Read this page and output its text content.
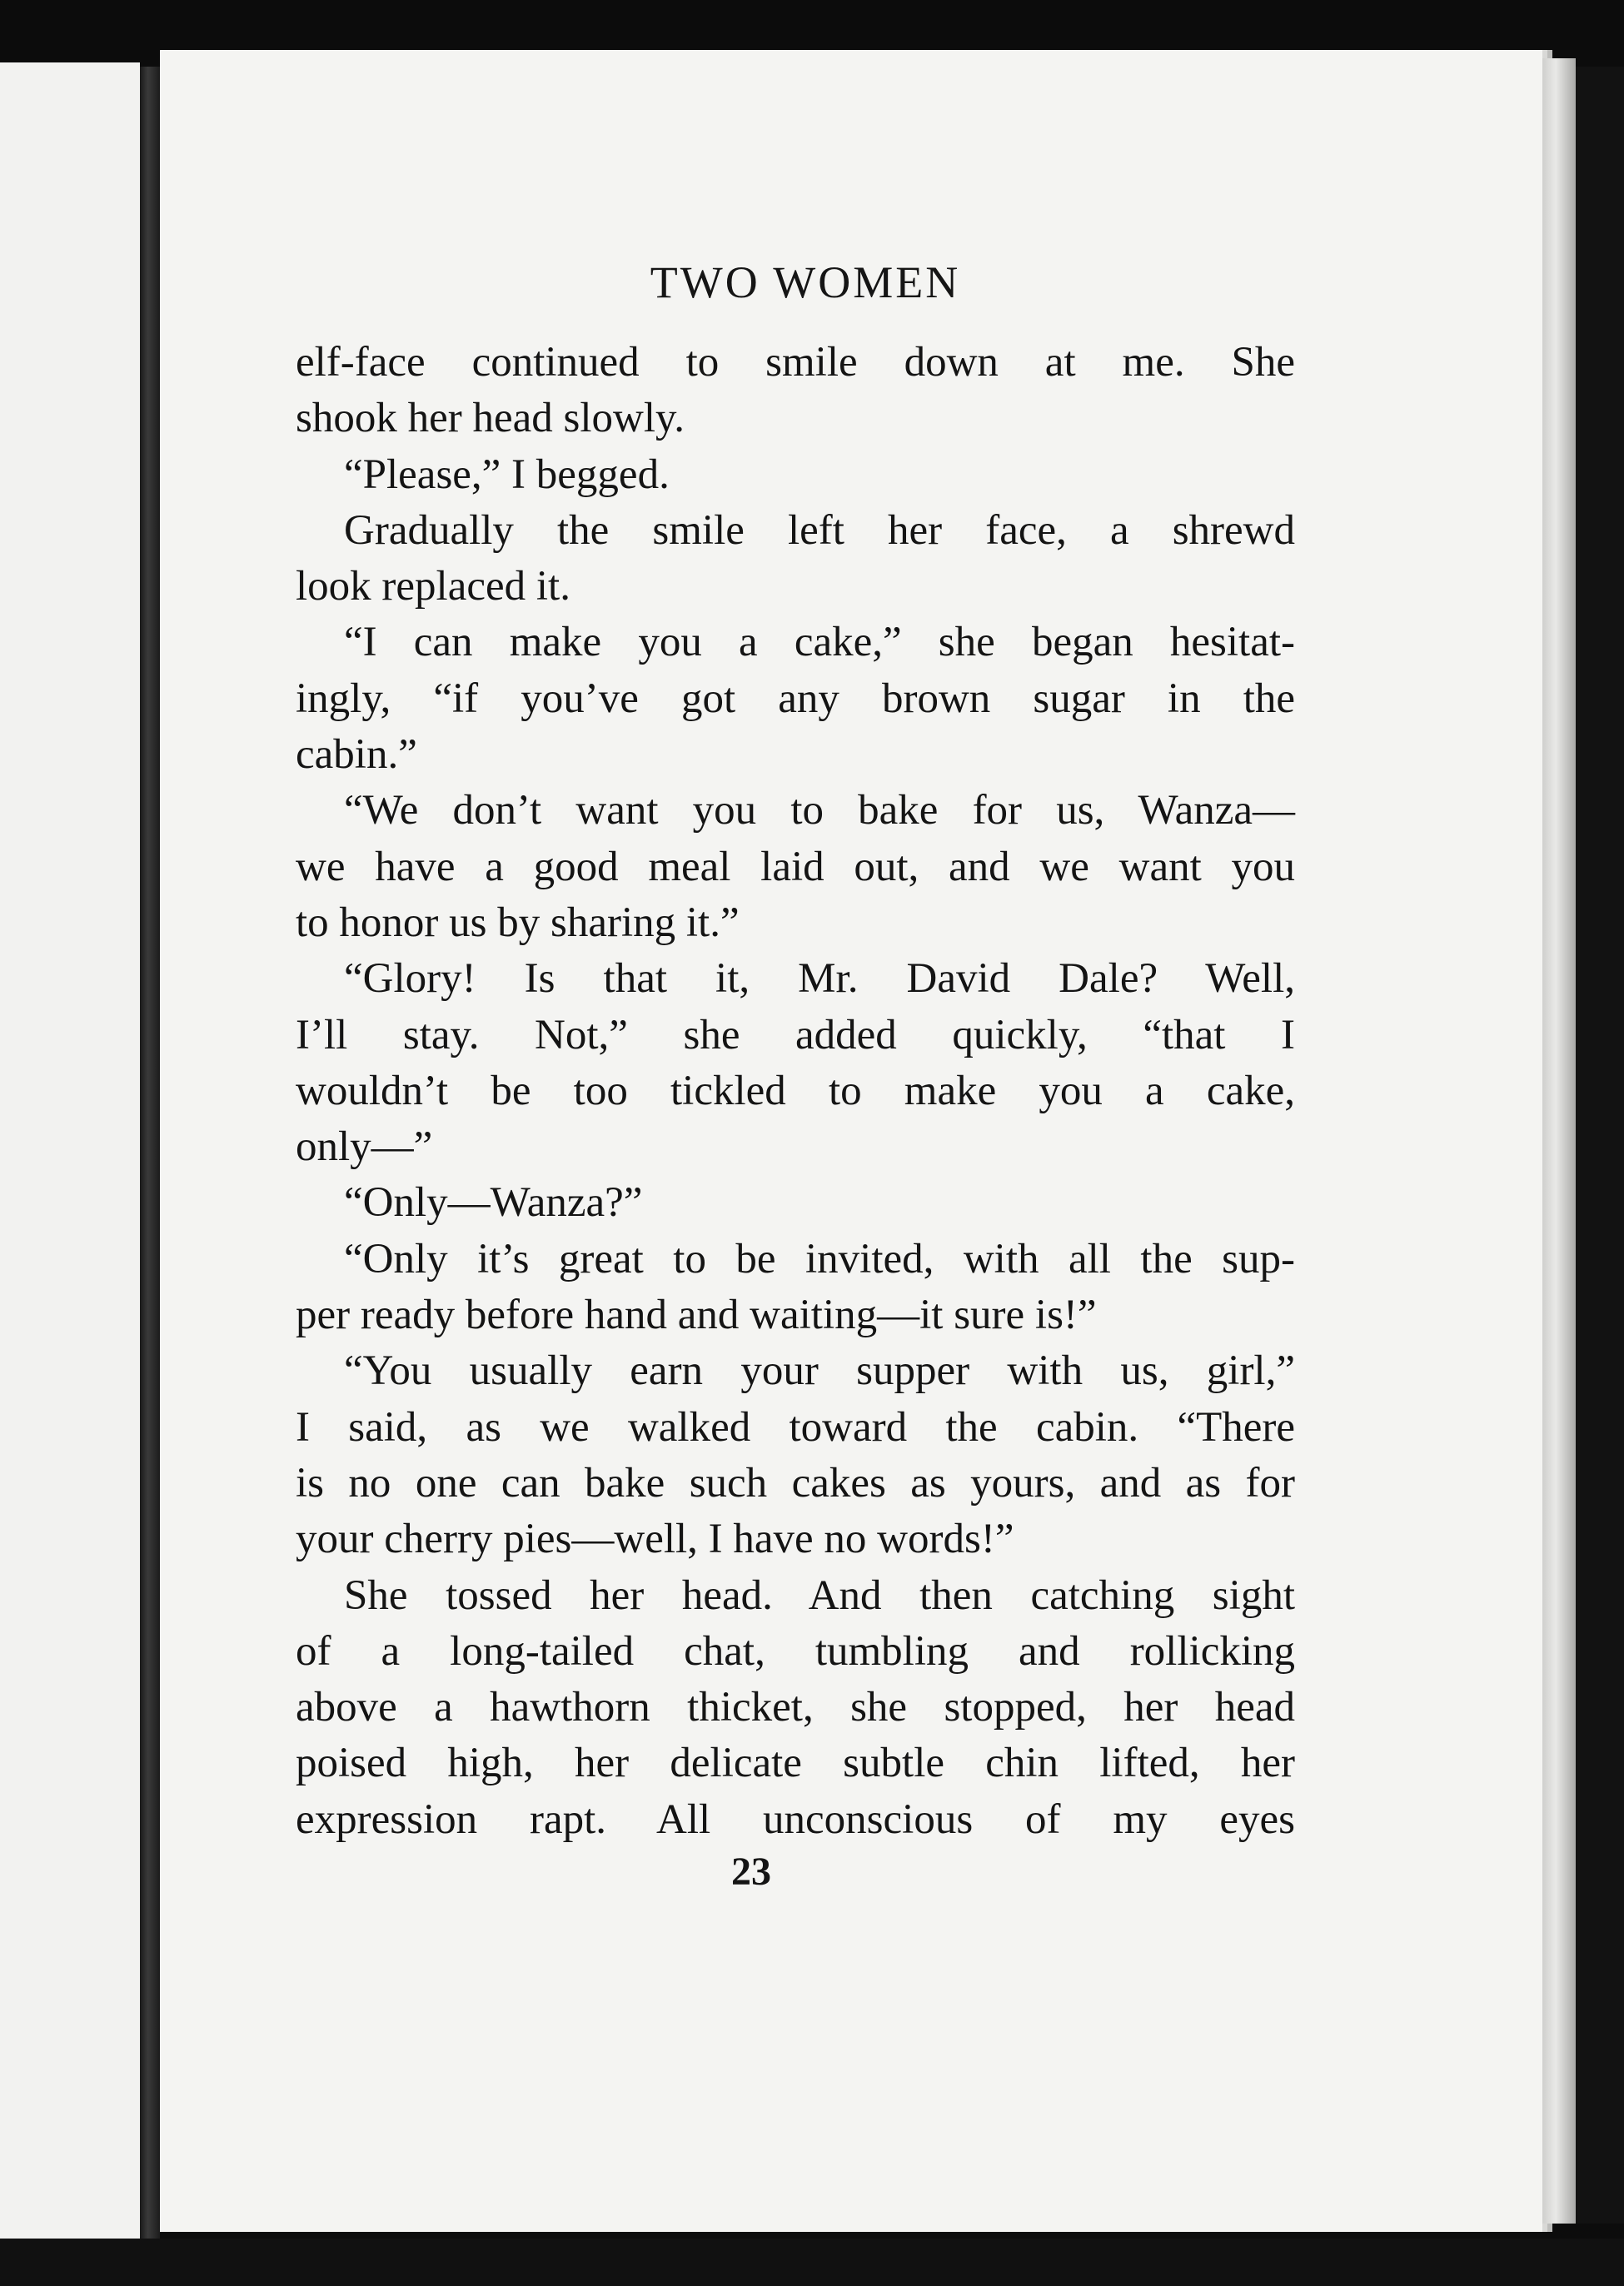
TWO WOMEN
elf-face continued to smile down at me. She
shook her head slowly.
“Please,” I begged.
Gradually the smile left her face, a shrewd
look replaced it.
“I can make you a cake,” she began hesitat-
ingly, “if you’ve got any brown sugar in the
cabin.”
“We don’t want you to bake for us, Wanza—
we have a good meal laid out, and we want you
to honor us by sharing it.”
“Glory! Is that it, Mr. David Dale? Well,
I’ll stay. Not,” she added quickly, “that I
wouldn’t be too tickled to make you a cake,
only—”
“Only—Wanza?”
“Only it’s great to be invited, with all the sup-
per ready before hand and waiting—it sure is!”
“You usually earn your supper with us, girl,”
I said, as we walked toward the cabin. “There
is no one can bake such cakes as yours, and as for
your cherry pies—well, I have no words!”
She tossed her head. And then catching sight
of a long-tailed chat, tumbling and rollicking
above a hawthorn thicket, she stopped, her head
poised high, her delicate subtle chin lifted, her
expression rapt. All unconscious of my eyes
23
